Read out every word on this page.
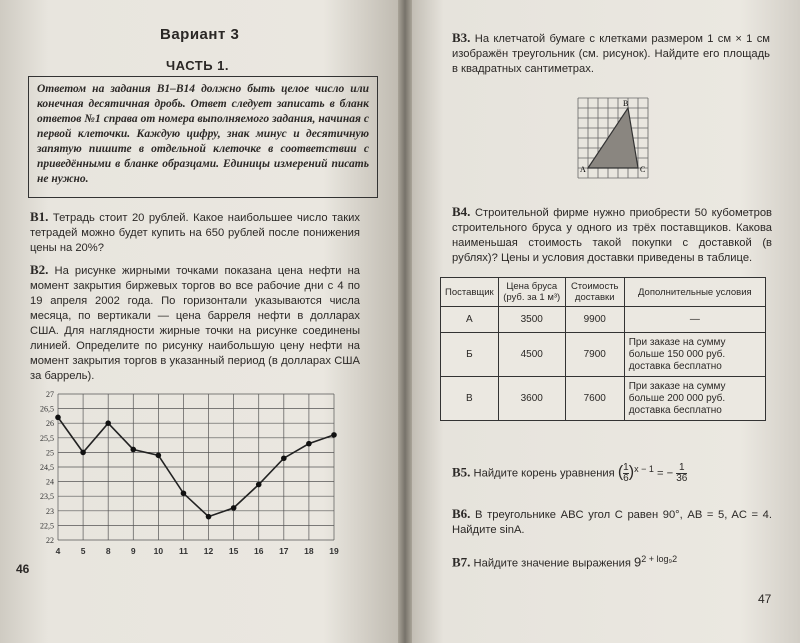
Вариант 3
ЧАСТЬ 1.
Ответом на задания В1–В14 должно быть целое число или конечная десятичная дробь. Ответ следует записать в бланк ответов №1 справа от номера выполняемого задания, начиная с первой клеточки. Каждую цифру, знак минус и десятичную запятую пишите в отдельной клеточке в соответствии с приведёнными в бланке образцами. Единицы измерений писать не нужно.
В1. Тетрадь стоит 20 рублей. Какое наибольшее число таких тетрадей можно будет купить на 650 рублей после понижения цены на 20%?
В2. На рисунке жирными точками показана цена нефти на момент закрытия биржевых торгов во все рабочие дни с 4 по 19 апреля 2002 года. По горизонтали указываются числа месяца, по вертикали — цена барреля нефти в долларах США. Для наглядности жирные точки на рисунке соединены линией. Определите по рисунку наибольшую цену нефти на момент закрытия торгов в указанный период (в долларах США за баррель).
22
22,5
23
23,5
24
24,5
25
25,5
26
26,5
27
4 5 8 9 10 11 12 15 16 17 18 19
46
В3. На клетчатой бумаге с клетками размером 1 см × 1 см изображён треугольник (см. рисунок). Найдите его площадь в квадратных сантиметрах.
A
B
C
В4. Строительной фирме нужно приобрести 50 кубометров строительного бруса у одного из трёх поставщиков. Какова наименьшая стоимость такой покупки с доставкой (в рублях)? Цены и условия доставки приведены в таблице.
Поставщик	Цена бруса (руб. за 1 м³)	Стоимость доставки	Дополнительные условия
А	3500	9900	—
Б	4500	7900	При заказе на сумму больше 150 000 руб. доставка бесплатно
В	3600	7600	При заказе на сумму больше 200 000 руб. доставка бесплатно
В5. Найдите корень уравнения ( $\frac{1}{6} )^{x - 1}$ = − $\frac{1}{36}$
В6. В треугольнике ABC угол C равен 90°, AB = 5, AC = 4. Найдите sinA.
В7. Найдите значение выражения $9^{2 + log_92}$
47
